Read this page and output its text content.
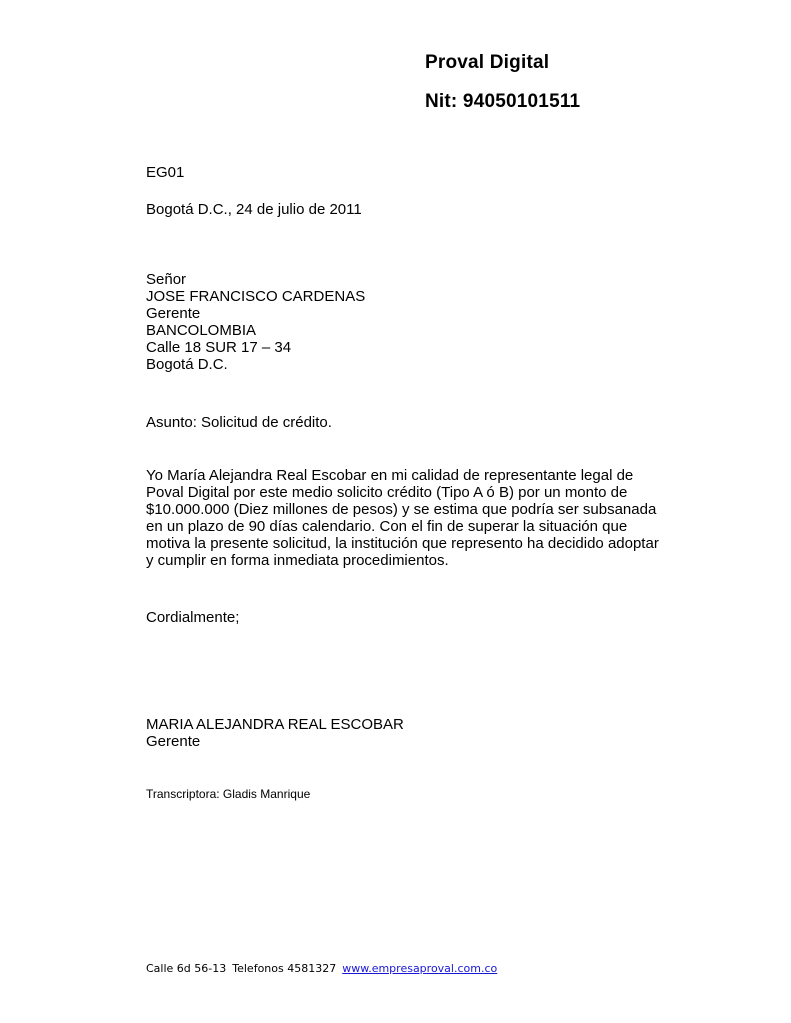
Proval Digital

Nit: 94050101511

EG01

Bogotá D.C., 24 de julio de 2011

Señor
JOSE FRANCISCO CARDENAS
Gerente
BANCOLOMBIA
Calle 18 SUR 17 – 34
Bogotá D.C.

Asunto: Solicitud de crédito.

Yo María Alejandra Real Escobar en mi calidad de representante legal de
Poval Digital por este medio solicito crédito (Tipo A ó B) por un monto de
$10.000.000 (Diez millones de pesos) y se estima que podría ser subsanada
en un plazo de 90 días calendario. Con el fin de superar la situación que
motiva la presente solicitud, la institución que represento ha decidido adoptar
y cumplir en forma inmediata procedimientos.

Cordialmente;

MARIA ALEJANDRA REAL ESCOBAR
Gerente

Transcriptora: Gladis Manrique

Calle 6d 56-13 Telefonos 4581327 www.empresaproval.com.co
